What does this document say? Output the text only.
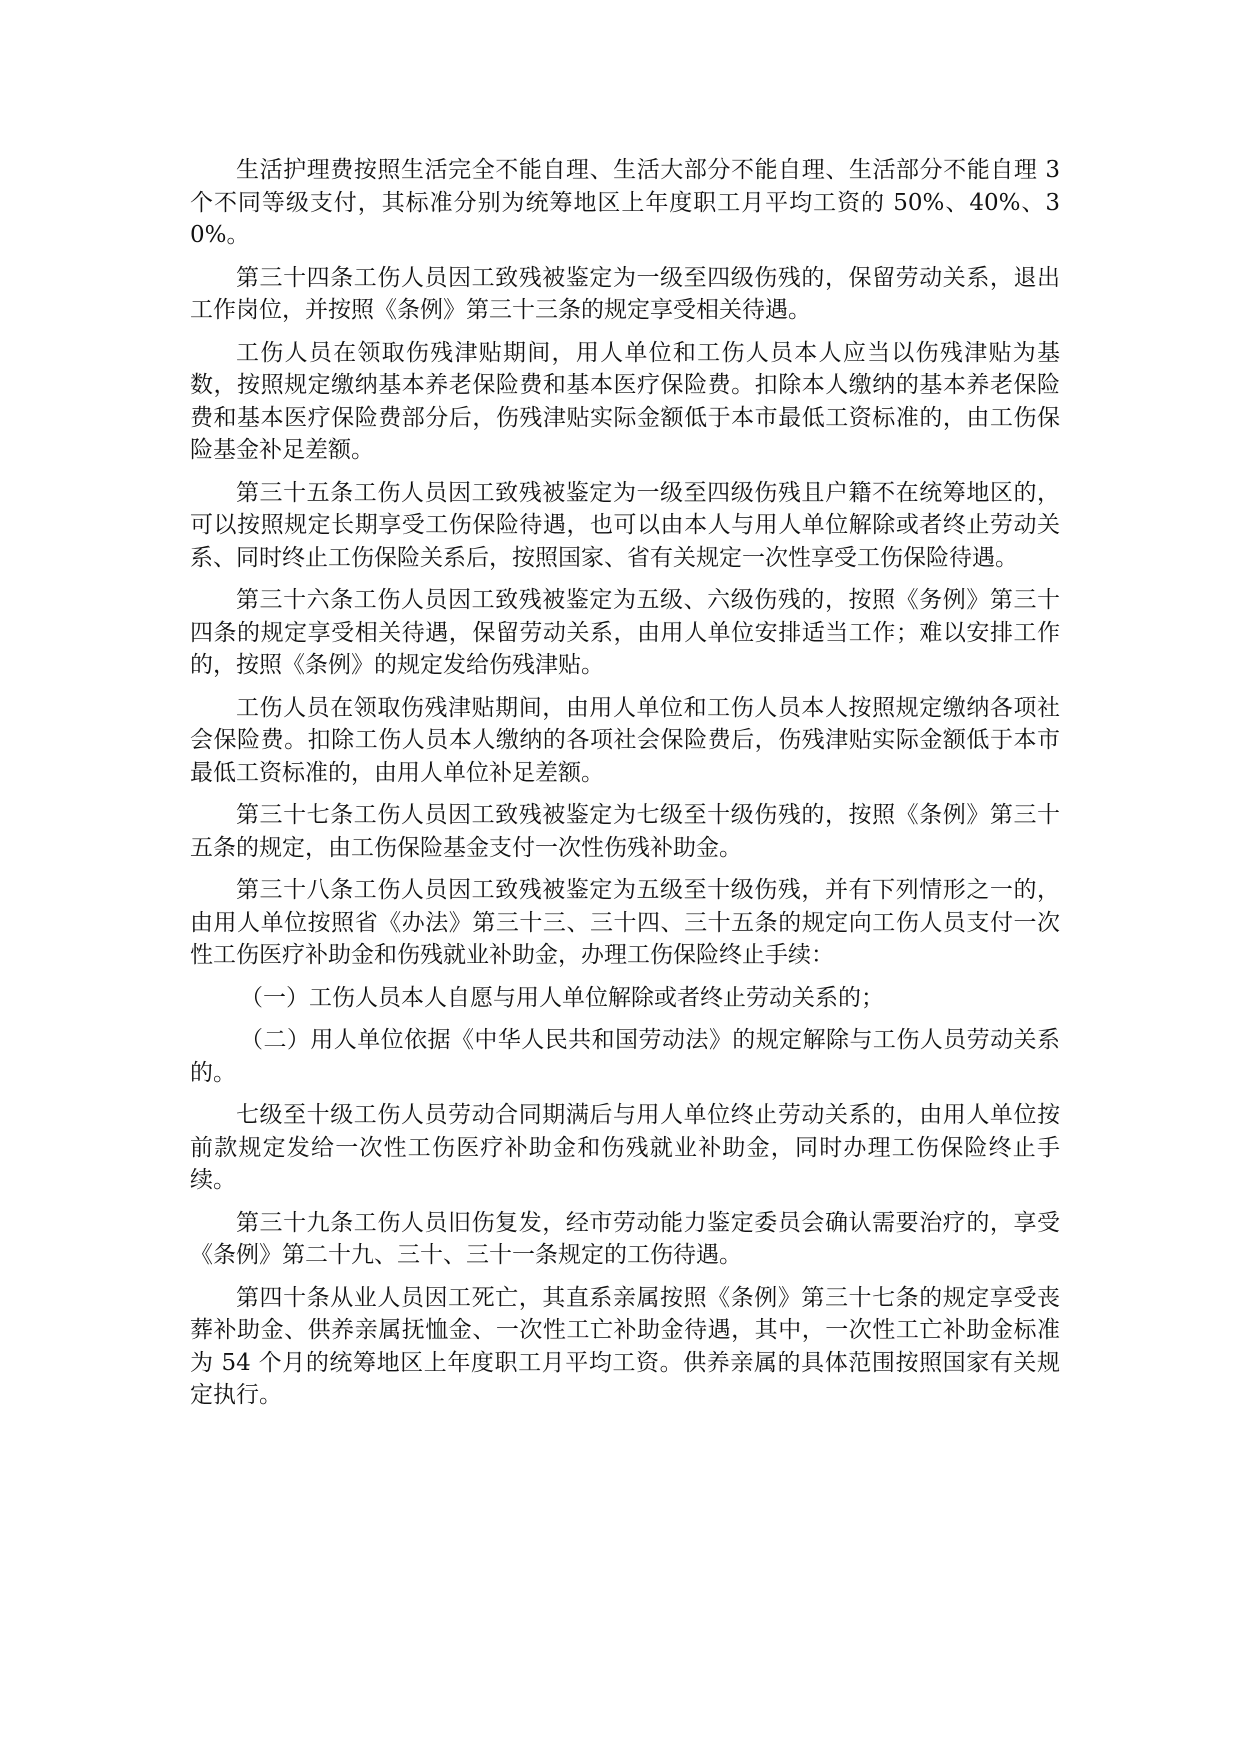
生活护理费按照生活完全不能自理、生活大部分不能自理、生活部分不能自理 3 个不同等级支付，其标准分别为统筹地区上年度职工月平均工资的 50%、40%、30%。

第三十四条工伤人员因工致残被鉴定为一级至四级伤残的，保留劳动关系，退出工作岗位，并按照《条例》第三十三条的规定享受相关待遇。

工伤人员在领取伤残津贴期间，用人单位和工伤人员本人应当以伤残津贴为基数，按照规定缴纳基本养老保险费和基本医疗保险费。扣除本人缴纳的基本养老保险费和基本医疗保险费部分后，伤残津贴实际金额低于本市最低工资标准的，由工伤保险基金补足差额。

第三十五条工伤人员因工致残被鉴定为一级至四级伤残且户籍不在统筹地区的，可以按照规定长期享受工伤保险待遇，也可以由本人与用人单位解除或者终止劳动关系、同时终止工伤保险关系后，按照国家、省有关规定一次性享受工伤保险待遇。

第三十六条工伤人员因工致残被鉴定为五级、六级伤残的，按照《务例》第三十四条的规定享受相关待遇，保留劳动关系，由用人单位安排适当工作；难以安排工作的，按照《条例》的规定发给伤残津贴。

工伤人员在领取伤残津贴期间，由用人单位和工伤人员本人按照规定缴纳各项社会保险费。扣除工伤人员本人缴纳的各项社会保险费后，伤残津贴实际金额低于本市最低工资标准的，由用人单位补足差额。

第三十七条工伤人员因工致残被鉴定为七级至十级伤残的，按照《条例》第三十五条的规定，由工伤保险基金支付一次性伤残补助金。

第三十八条工伤人员因工致残被鉴定为五级至十级伤残，并有下列情形之一的，由用人单位按照省《办法》第三十三、三十四、三十五条的规定向工伤人员支付一次性工伤医疗补助金和伤残就业补助金，办理工伤保险终止手续：

（一）工伤人员本人自愿与用人单位解除或者终止劳动关系的；

（二）用人单位依据《中华人民共和国劳动法》的规定解除与工伤人员劳动关系的。

七级至十级工伤人员劳动合同期满后与用人单位终止劳动关系的，由用人单位按前款规定发给一次性工伤医疗补助金和伤残就业补助金，同时办理工伤保险终止手续。

第三十九条工伤人员旧伤复发，经市劳动能力鉴定委员会确认需要治疗的，享受《条例》第二十九、三十、三十一条规定的工伤待遇。

第四十条从业人员因工死亡，其直系亲属按照《条例》第三十七条的规定享受丧葬补助金、供养亲属抚恤金、一次性工亡补助金待遇，其中，一次性工亡补助金标准为 54 个月的统筹地区上年度职工月平均工资。供养亲属的具体范围按照国家有关规定执行。
